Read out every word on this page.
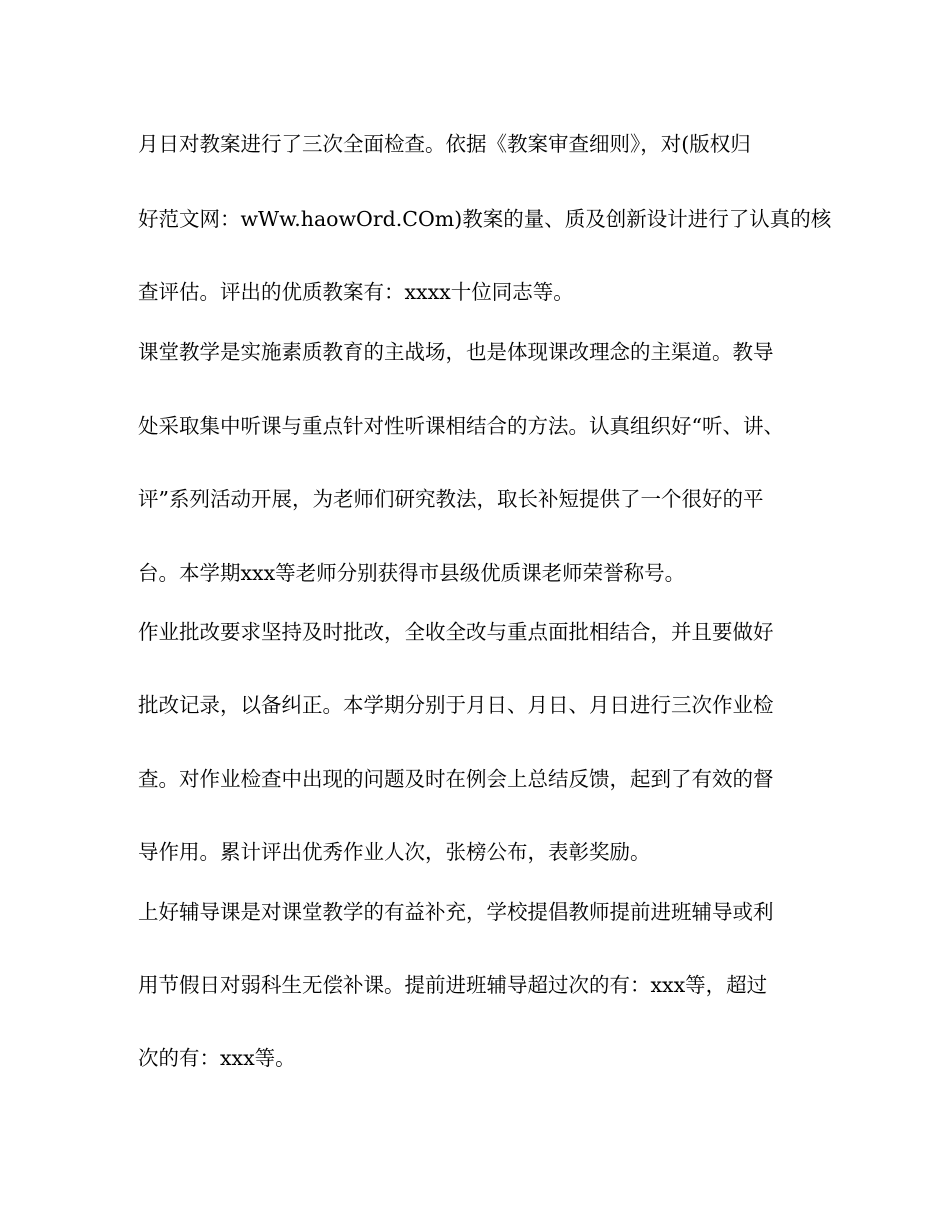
月日对教案进行了三次全面检查。依据《教案审查细则》，对(版权归
好范文网：wWw.haowOrd.COm)教案的量、质及创新设计进行了认真的核
查评估。评出的优质教案有：xxxx十位同志等。
课堂教学是实施素质教育的主战场，也是体现课改理念的主渠道。教导
处采取集中听课与重点针对性听课相结合的方法。认真组织好“听、讲、
评”系列活动开展，为老师们研究教法，取长补短提供了一个很好的平
台。本学期xxx等老师分别获得市县级优质课老师荣誉称号。
作业批改要求坚持及时批改，全收全改与重点面批相结合，并且要做好
批改记录，以备纠正。本学期分别于月日、月日、月日进行三次作业检
查。对作业检查中出现的问题及时在例会上总结反馈，起到了有效的督
导作用。累计评出优秀作业人次，张榜公布，表彰奖励。
上好辅导课是对课堂教学的有益补充，学校提倡教师提前进班辅导或利
用节假日对弱科生无偿补课。提前进班辅导超过次的有：xxx等，超过
次的有：xxx等。
